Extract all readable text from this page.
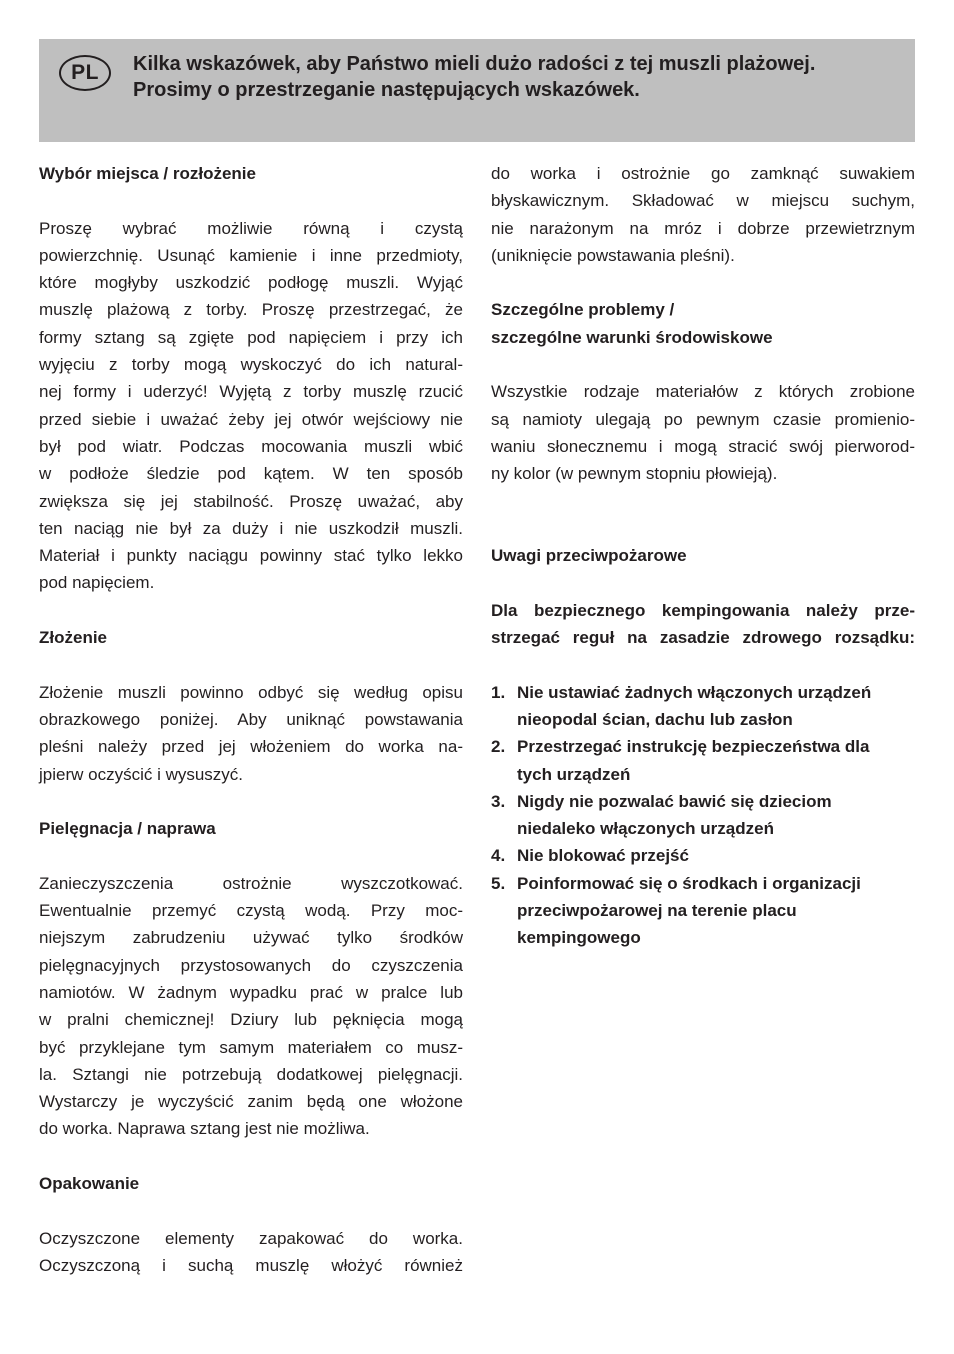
PL	Kilka wskazówek, aby Państwo mieli dużo radości z tej muszli plażowej.
Prosimy o przestrzeganie następujących wskazówek.

Wybór miejsca / rozłożenie

Proszę wybrać możliwie równą i czystą
powierzchnię. Usunąć kamienie i inne przedmioty,
które mogłyby uszkodzić podłogę muszli. Wyjąć
muszlę plażową z torby. Proszę przestrzegać, że
formy sztang są zgięte pod napięciem i przy ich
wyjęciu z torby mogą wyskoczyć do ich natural-
nej formy i uderzyć! Wyjętą z torby muszlę rzucić
przed siebie i uważać żeby jej otwór wejściowy nie
był pod wiatr. Podczas mocowania muszli wbić
w podłoże śledzie pod kątem. W ten sposób
zwiększa się jej stabilność. Proszę uważać, aby
ten naciąg nie był za duży i nie uszkodził muszli.
Materiał i punkty naciągu powinny stać tylko lekko
pod napięciem.

Złożenie

Złożenie muszli powinno odbyć się według opisu
obrazkowego poniżej. Aby uniknąć powstawania
pleśni należy przed jej włożeniem do worka na-
jpierw oczyścić i wysuszyć.

Pielęgnacja / naprawa

Zanieczyszczenia ostrożnie wyszczotkować.
Ewentualnie przemyć czystą wodą. Przy moc-
niejszym zabrudzeniu używać tylko środków
pielęgnacyjnych przystosowanych do czyszczenia
namiotów. W żadnym wypadku prać w pralce lub
w pralni chemicznej! Dziury lub pęknięcia mogą
być przyklejane tym samym materiałem co musz-
la. Sztangi nie potrzebują dodatkowej pielęgnacji.
Wystarczy je wyczyścić zanim będą one włożone
do worka. Naprawa sztang jest nie możliwa.

Opakowanie

Oczyszczone elementy zapakować do worka.
Oczyszczoną i suchą muszlę włożyć również
do worka i ostrożnie go zamknąć suwakiem
błyskawicznym. Składować w miejscu suchym,
nie narażonym na mróz i dobrze przewietrznym
(uniknięcie powstawania pleśni).

Szczególne problemy /
szczególne warunki środowiskowe

Wszystkie rodzaje materiałów z których zrobione
są namioty ulegają po pewnym czasie promienio-
waniu słonecznemu i mogą stracić swój pierworod-
ny kolor (w pewnym stopniu płowieją).

Uwagi przeciwpożarowe

Dla bezpiecznego kempingowania należy prze-
strzegać reguł na zasadzie zdrowego rozsądku:
1. Nie ustawiać żadnych włączonych urządzeń
nieopodal ścian, dachu lub zasłon
2. Przestrzegać instrukcję bezpieczeństwa dla
tych urządzeń
3. Nigdy nie pozwalać bawić się dzieciom
niedaleko włączonych urządzeń
4. Nie blokować przejść
5. Poinformować się o środkach i organizacji
przeciwpożarowej na terenie placu
kempingowego
